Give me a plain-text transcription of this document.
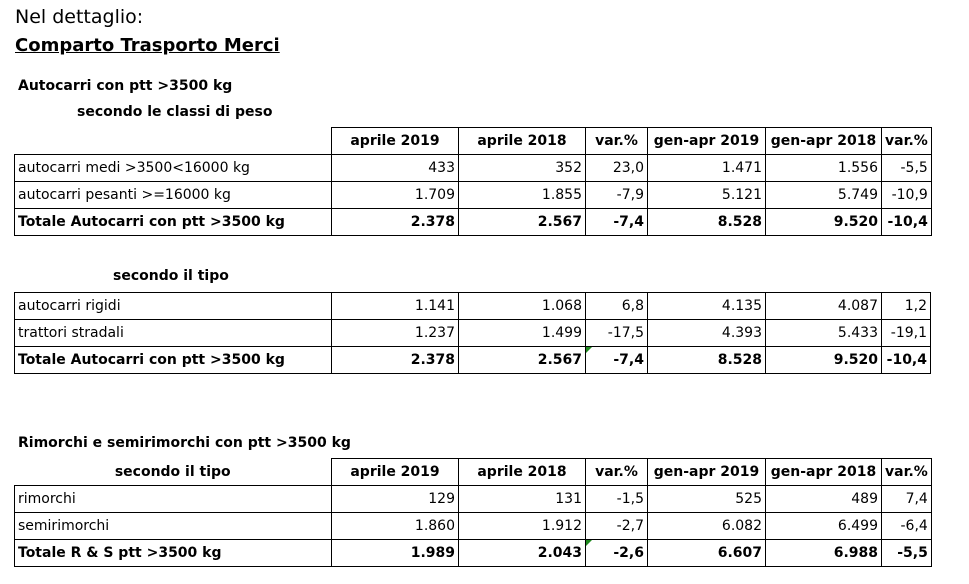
Nel dettaglio:
Comparto Trasporto Merci
Autocarri con ptt >3500 kg
secondo le classi di peso
	aprile 2019	aprile 2018	var.%	gen-apr 2019	gen-apr 2018	var.%
autocarri medi >3500<16000 kg	433	352	23,0	1.471	1.556	-5,5
autocarri pesanti >=16000 kg	1.709	1.855	-7,9	5.121	5.749	-10,9
Totale Autocarri con ptt >3500 kg	2.378	2.567	-7,4	8.528	9.520	-10,4
secondo il tipo
autocarri rigidi	1.141	1.068	6,8	4.135	4.087	1,2
trattori stradali	1.237	1.499	-17,5	4.393	5.433	-19,1
Totale Autocarri con ptt >3500 kg	2.378	2.567	-7,4	8.528	9.520	-10,4
Rimorchi e semirimorchi con ptt >3500 kg
secondo il tipo	aprile 2019	aprile 2018	var.%	gen-apr 2019	gen-apr 2018	var.%
rimorchi	129	131	-1,5	525	489	7,4
semirimorchi	1.860	1.912	-2,7	6.082	6.499	-6,4
Totale R & S ptt >3500 kg	1.989	2.043	-2,6	6.607	6.988	-5,5
